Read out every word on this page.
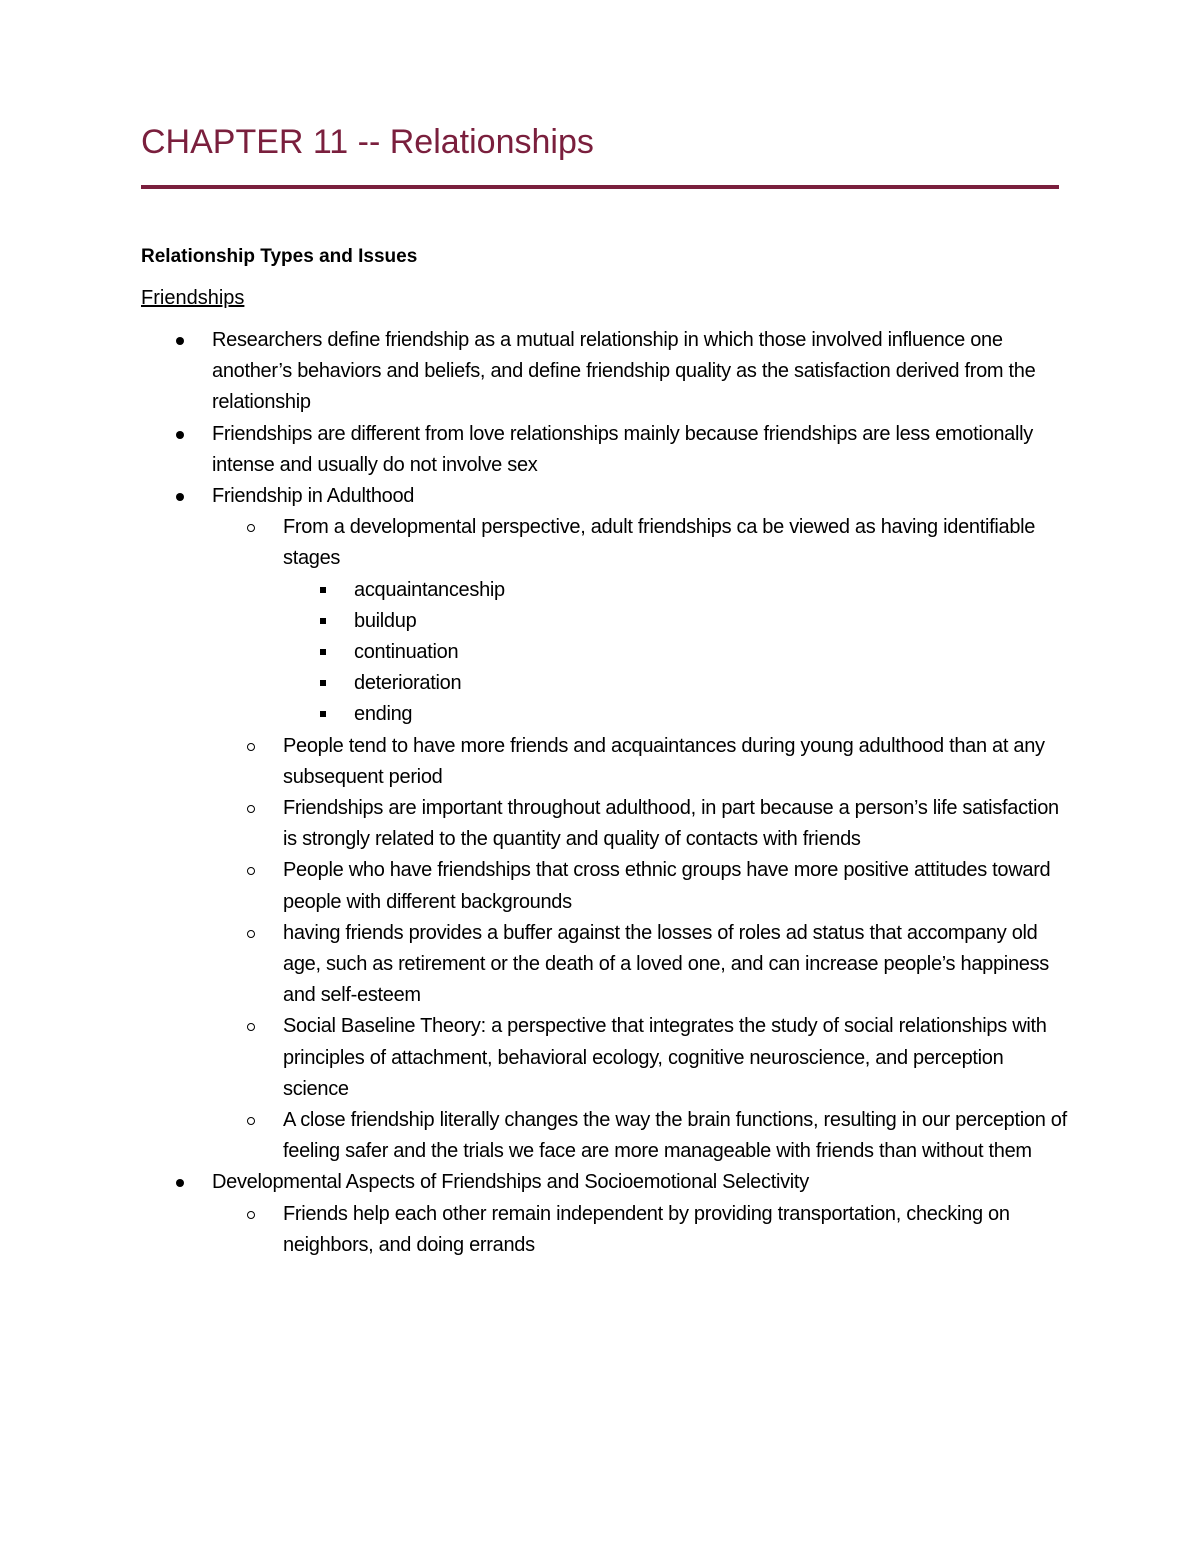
CHAPTER 11 -- Relationships
Relationship Types and Issues
Friendships
Researchers define friendship as a mutual relationship in which those involved influence one another’s behaviors and beliefs, and define friendship quality as the satisfaction derived from the relationship
Friendships are different from love relationships mainly because friendships are less emotionally intense and usually do not involve sex
Friendship in Adulthood
From a developmental perspective, adult friendships ca be viewed as having identifiable stages
acquaintanceship
buildup
continuation
deterioration
ending
People tend to have more friends and acquaintances during young adulthood than at any subsequent period
Friendships are important throughout adulthood, in part because a person’s life satisfaction is strongly related to the quantity and quality of contacts with friends
People who have friendships that cross ethnic groups have more positive attitudes toward people with different backgrounds
having friends provides a buffer against the losses of roles ad status that accompany old age, such as retirement or the death of a loved one, and can increase people’s happiness and self-esteem
Social Baseline Theory: a perspective that integrates the study of social relationships with principles of attachment, behavioral ecology, cognitive neuroscience, and perception science
A close friendship literally changes the way the brain functions, resulting in our perception of feeling safer and the trials we face are more manageable with friends than without them
Developmental Aspects of Friendships and Socioemotional Selectivity
Friends help each other remain independent by providing transportation, checking on neighbors, and doing errands
